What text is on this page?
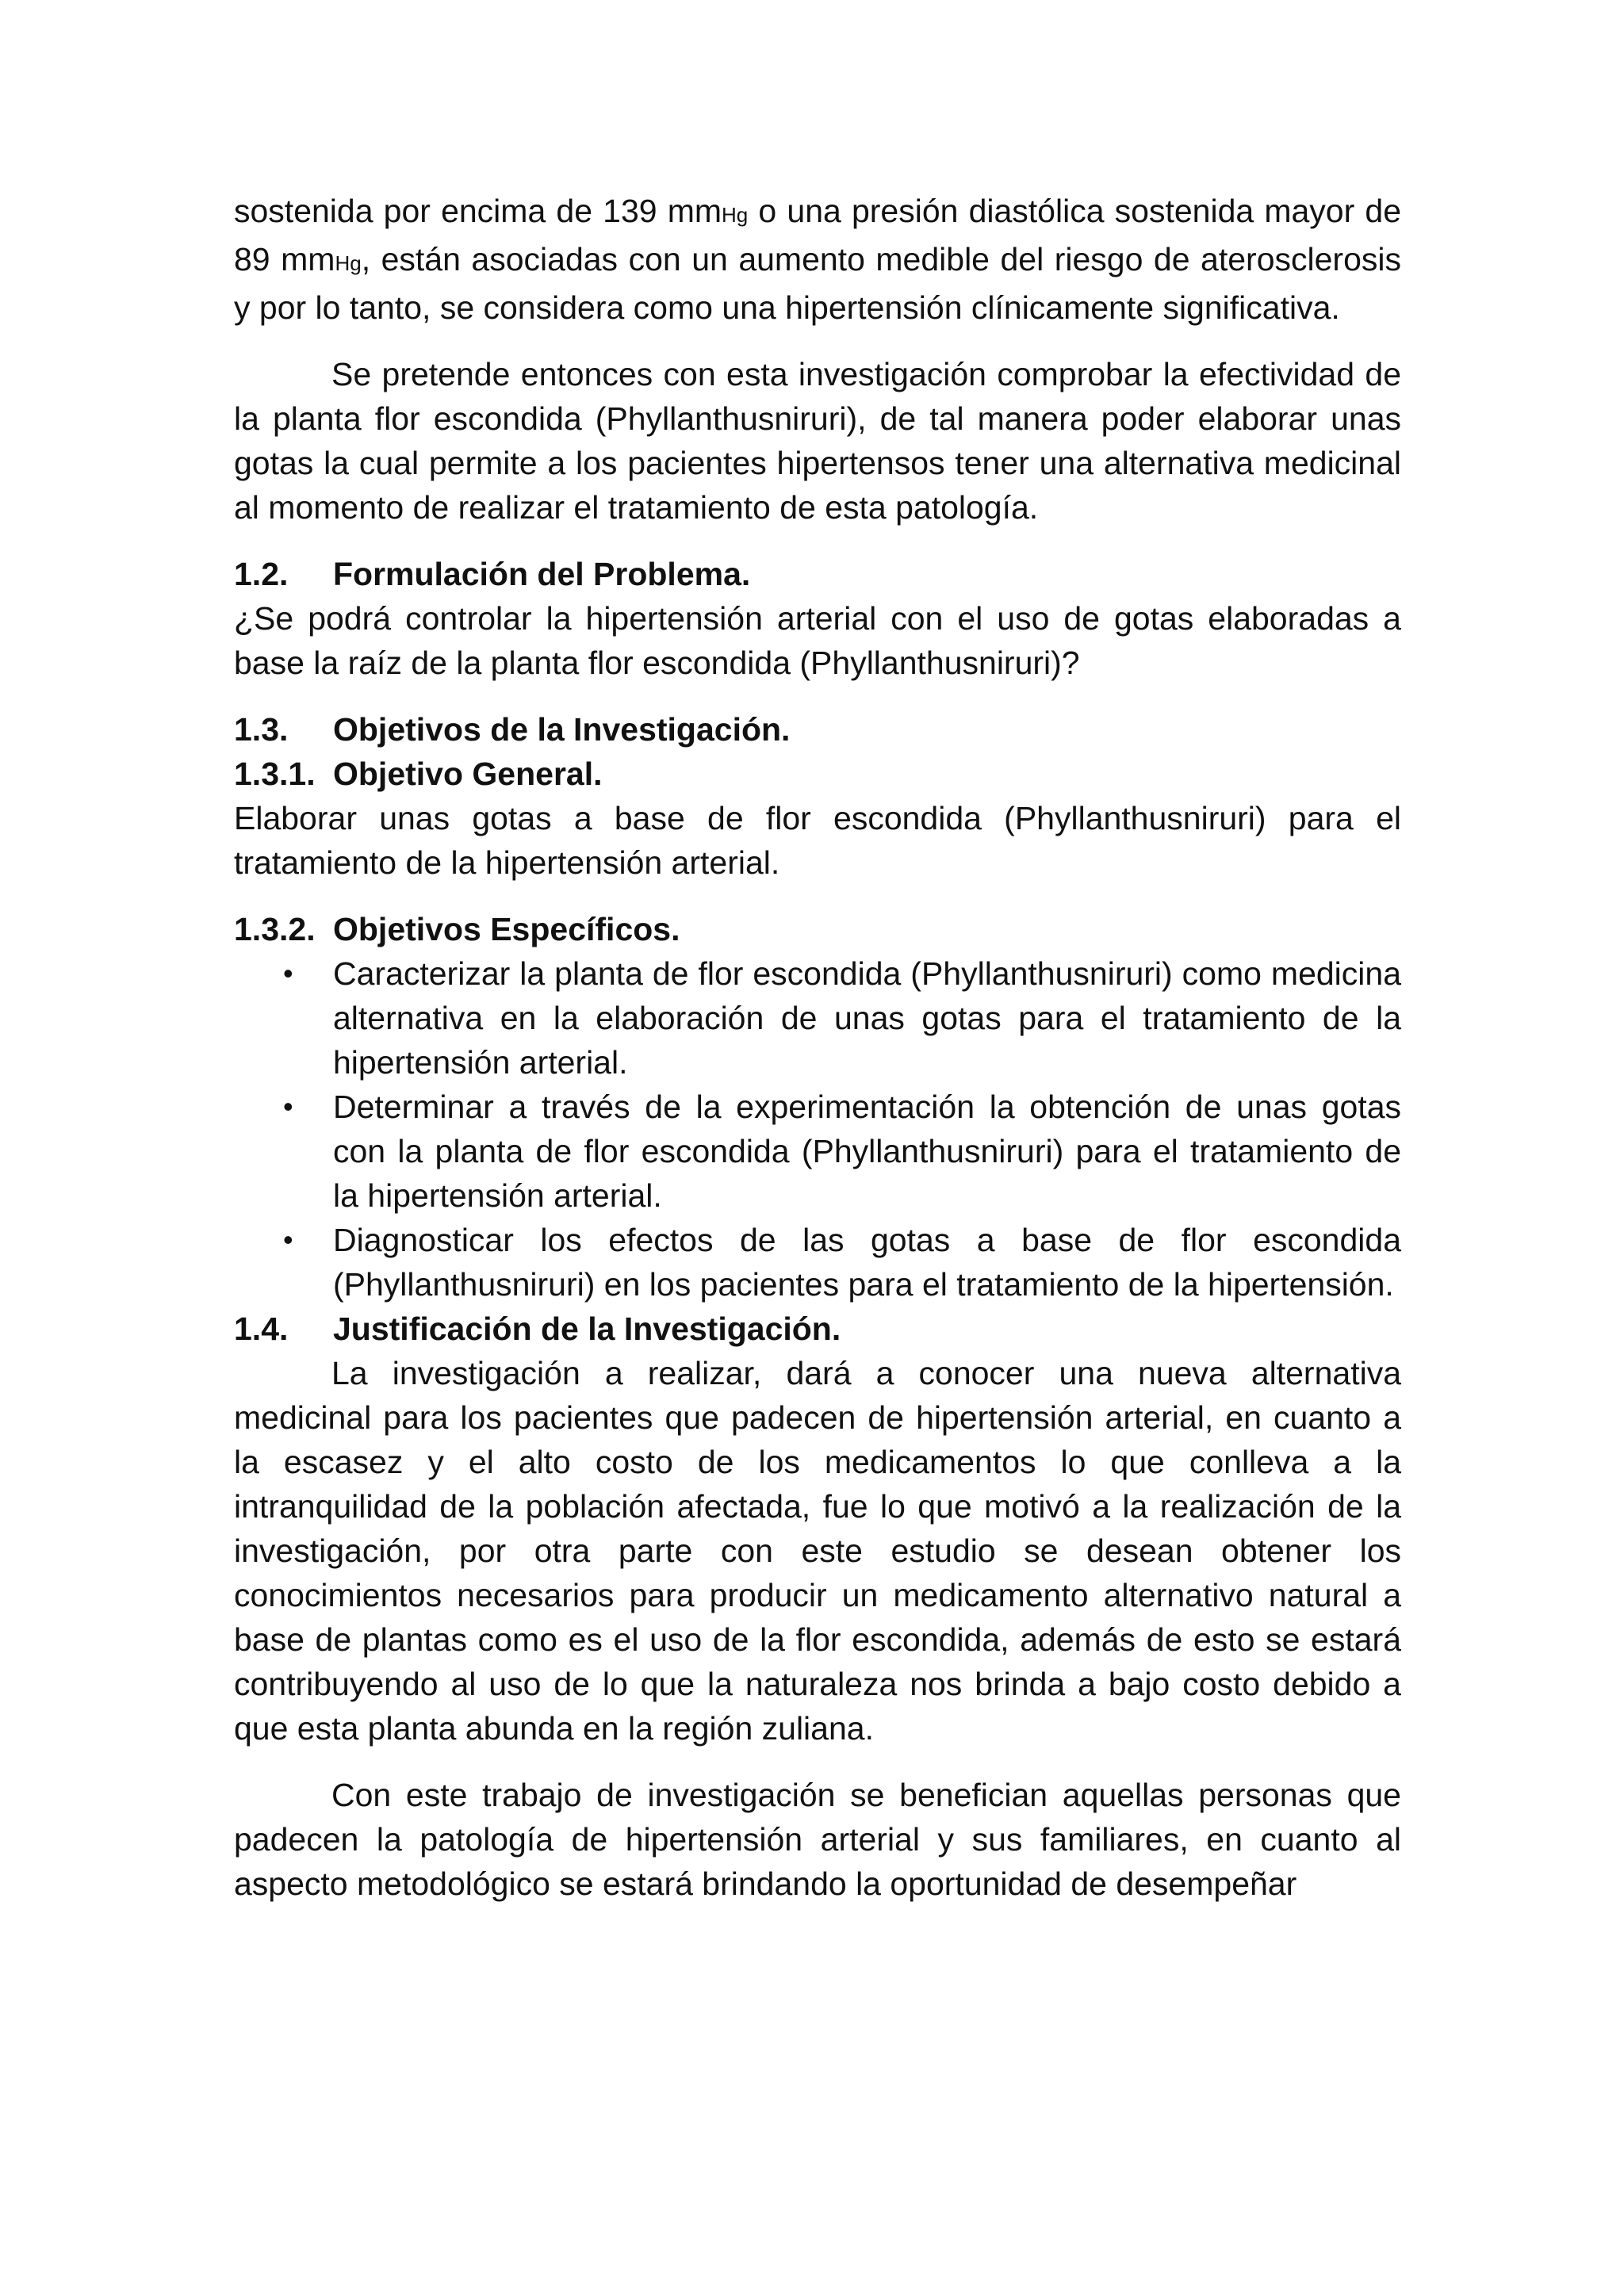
sostenida por encima de 139 mmHg o una presión diastólica sostenida mayor de 89 mmHg, están asociadas con un aumento medible del riesgo de aterosclerosis y por lo tanto, se considera como una hipertensión clínicamente significativa.

Se pretende entonces con esta investigación comprobar la efectividad de la planta flor escondida (Phyllanthusniruri), de tal manera poder elaborar unas gotas la cual permite a los pacientes hipertensos tener una alternativa medicinal al momento de realizar el tratamiento de esta patología.

1.2.	Formulación del Problema.

¿Se podrá controlar la hipertensión arterial con el uso de gotas elaboradas a base la raíz de la planta flor escondida (Phyllanthusniruri)?

1.3.	Objetivos de la Investigación.
1.3.1. Objetivo General.

Elaborar unas gotas a base de flor escondida (Phyllanthusniruri) para el tratamiento de la hipertensión arterial.

1.3.2. Objetivos Específicos.
• Caracterizar la planta de flor escondida (Phyllanthusniruri) como medicina alternativa en la elaboración de unas gotas para el tratamiento de la hipertensión arterial.
• Determinar a través de la experimentación la obtención de unas gotas con la planta de flor escondida (Phyllanthusniruri) para el tratamiento de la hipertensión arterial.
• Diagnosticar los efectos de las gotas a base de flor escondida (Phyllanthusniruri) en los pacientes para el tratamiento de la hipertensión.
1.4.	Justificación de la Investigación.

La investigación a realizar, dará a conocer una nueva alternativa medicinal para los pacientes que padecen de hipertensión arterial, en cuanto a la escasez y el alto costo de los medicamentos lo que conlleva a la intranquilidad de la población afectada, fue lo que motivó a la realización de la investigación, por otra parte con este estudio se desean obtener los conocimientos necesarios para producir un medicamento alternativo natural a base de plantas como es el uso de la flor escondida, además de esto se estará contribuyendo al uso de lo que la naturaleza nos brinda a bajo costo debido a que esta planta abunda en la región zuliana.

Con este trabajo de investigación se benefician aquellas personas que padecen la patología de hipertensión arterial y sus familiares, en cuanto al aspecto metodológico se estará brindando la oportunidad de desempeñar
